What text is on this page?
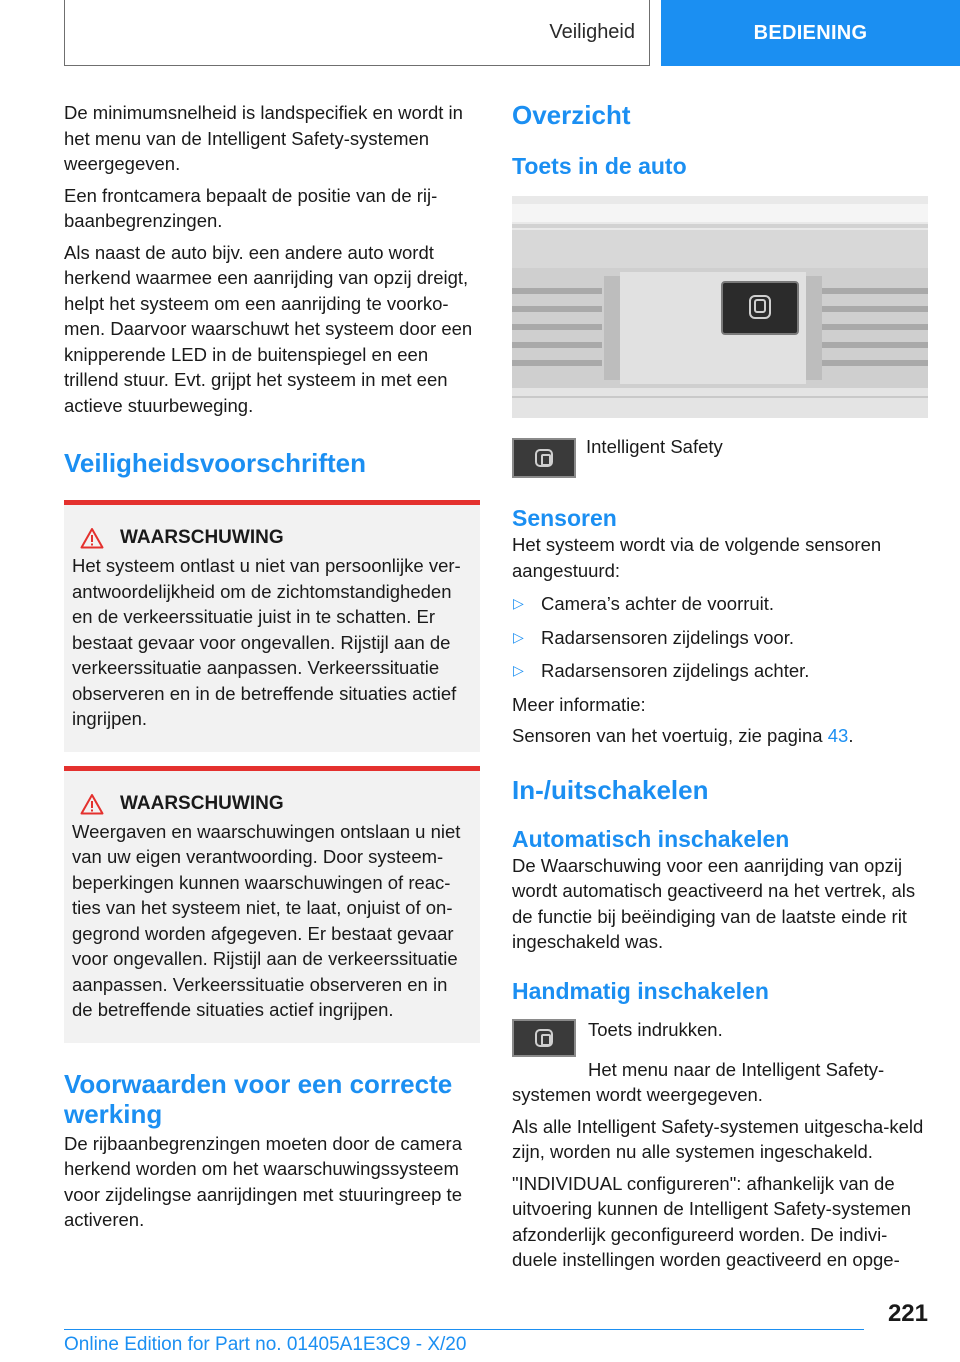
Veiligheid	BEDIENING

De minimumsnelheid is landspecifiek en wordt in het menu van de Intelligent Safety-systemen weergegeven.

Een frontcamera bepaalt de positie van de rij-baanbegrenzingen.

Als naast de auto bijv. een andere auto wordt herkend waarmee een aanrijding van opzij dreigt, helpt het systeem om een aanrijding te voorko-men. Daarvoor waarschuwt het systeem door een knipperende LED in de buitenspiegel en een trillend stuur. Evt. grijpt het systeem in met een actieve stuurbeweging.

Veiligheidsvoorschriften
WAARSCHUWING

Het systeem ontlast u niet van persoonlijke ver-antwoordelijkheid om de zichtomstandigheden en de verkeerssituatie juist in te schatten. Er bestaat gevaar voor ongevallen. Rijstijl aan de verkeerssituatie aanpassen. Verkeerssituatie observeren en in de betreffende situaties actief ingrijpen.

WAARSCHUWING

Weergaven en waarschuwingen ontslaan u niet van uw eigen verantwoording. Door systeem-beperkingen kunnen waarschuwingen of reac-ties van het systeem niet, te laat, onjuist of on-gegrond worden afgegeven. Er bestaat gevaar voor ongevallen. Rijstijl aan de verkeerssituatie aanpassen. Verkeerssituatie observeren en in de betreffende situaties actief ingrijpen.

Voorwaarden voor een correcte werking

De rijbaanbegrenzingen moeten door de camera herkend worden om het waarschuwingssysteem voor zijdelingse aanrijdingen met stuuringreep te activeren.

Overzicht
Toets in de auto
Intelligent Safety
Sensoren

Het systeem wordt via de volgende sensoren aangestuurd:

▷ Camera’s achter de voorruit.
▷ Radarsensoren zijdelings voor.
▷ Radarsensoren zijdelings achter.

Meer informatie:

Sensoren van het voertuig, zie pagina 43.

In-/uitschakelen
Automatisch inschakelen

De Waarschuwing voor een aanrijding van opzij wordt automatisch geactiveerd na het vertrek, als de functie bij beëindiging van de laatste einde rit ingeschakeld was.

Handmatig inschakelen

Toets indrukken.

Het menu naar de Intelligent Safety-systemen wordt weergegeven.

Als alle Intelligent Safety-systemen uitgescha-keld zijn, worden nu alle systemen ingeschakeld.

"INDIVIDUAL configureren": afhankelijk van de uitvoering kunnen de Intelligent Safety-systemen afzonderlijk geconfigureerd worden. De indivi-duele instellingen worden geactiveerd en opge-

221
Online Edition for Part no. 01405A1E3C9 - X/20
